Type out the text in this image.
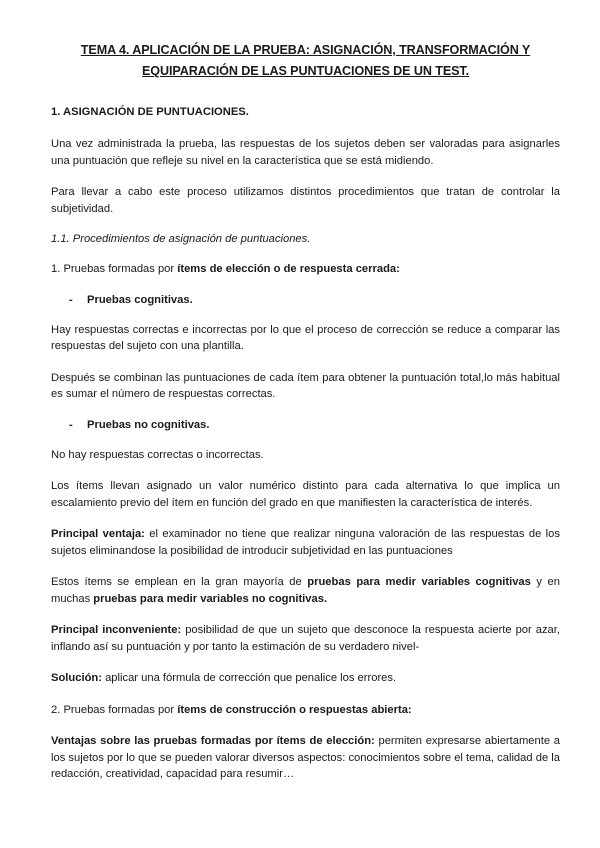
TEMA 4. APLICACIÓN DE LA PRUEBA: ASIGNACIÓN, TRANSFORMACIÓN Y
EQUIPARACIÓN DE LAS PUNTUACIONES DE UN TEST.
1. ASIGNACIÓN DE PUNTUACIONES.

Una vez administrada la prueba, las respuestas de los sujetos deben ser valoradas para asignarles una puntuación que refleje su nivel en la característica que se está midiendo.

Para llevar a cabo este proceso utilizamos distintos procedimientos que tratan de controlar la subjetividad.

1.1. Procedimientos de asignación de puntuaciones.

1. Pruebas formadas por ítems de elección o de respuesta cerrada:

-	Pruebas cognitivas.

Hay respuestas correctas e incorrectas por lo que el proceso de corrección se reduce a comparar las respuestas del sujeto con una plantilla.

Después se combinan las puntuaciones de cada ítem para obtener la puntuación total,lo más habitual es sumar el número de respuestas correctas.

-	Pruebas no cognitivas.

No hay respuestas correctas o incorrectas.

Los ítems llevan asignado un valor numérico distinto para cada alternativa lo que implica un escalamiento previo del ítem en función del grado en que manifiesten la característica de interés.

Principal ventaja: el examinador no tiene que realizar ninguna valoración de las respuestas de los sujetos eliminandose la posibilidad de introducir subjetividad en las puntuaciones

Estos ítems se emplean en la gran mayoría de pruebas para medir variables cognitivas y en muchas pruebas para medir variables no cognitivas.

Principal inconveniente: posibilidad de que un sujeto que desconoce la respuesta acierte por azar, inflando así su puntuación y por tanto la estimación de su verdadero nivel-

Solución: aplicar una fórmula de corrección que penalice los errores.

2. Pruebas formadas por ítems de construcción o respuestas abierta:

Ventajas sobre las pruebas formadas por ítems de elección: permiten expresarse abiertamente a los sujetos por lo que se pueden valorar diversos aspectos: conocimientos sobre el tema, calidad de la redacción, creatividad, capacidad para resumir…
